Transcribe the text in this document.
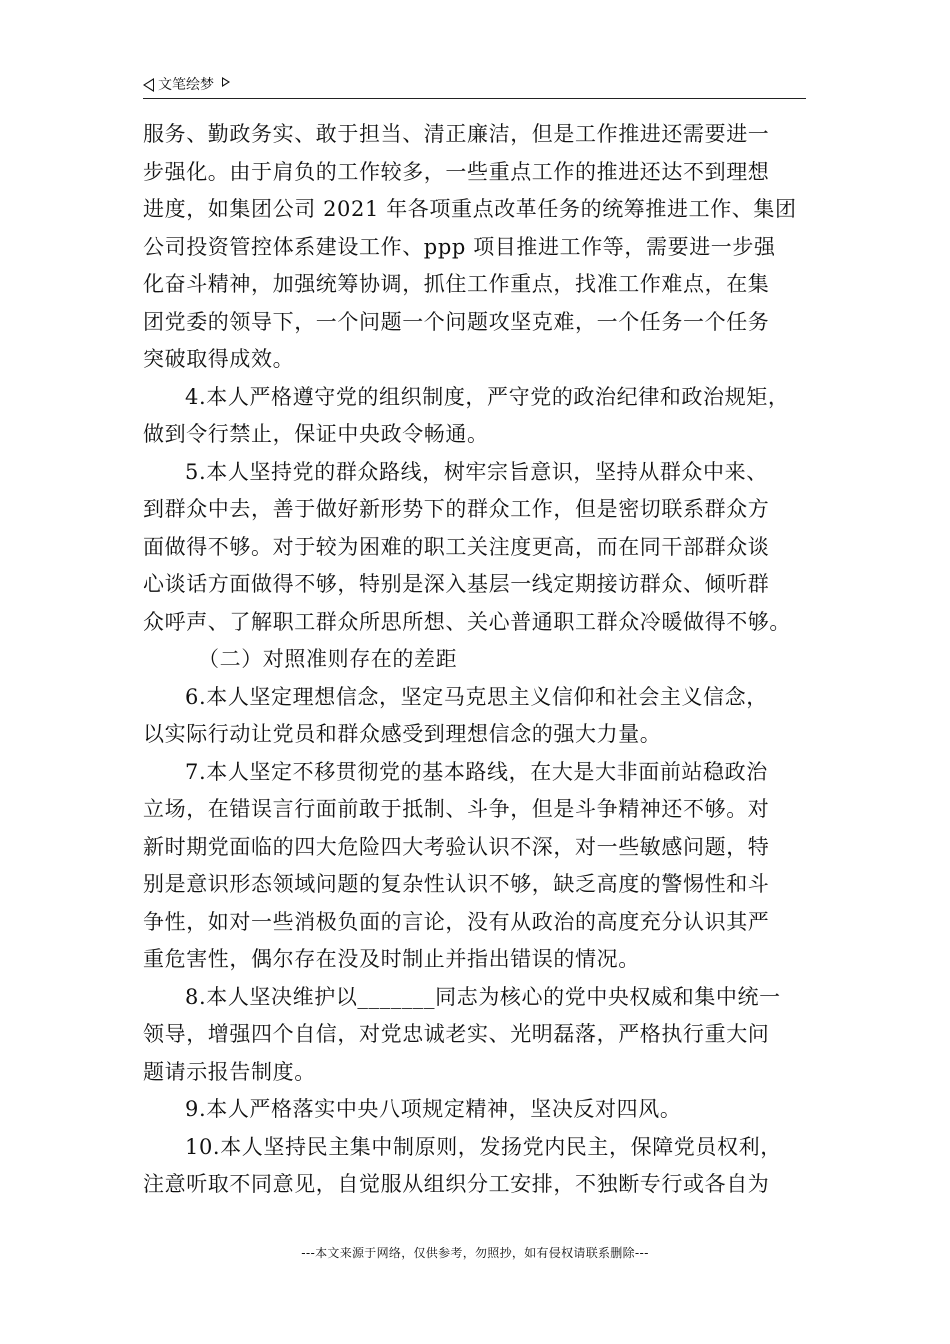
文笔绘梦
服务、勤政务实、敢于担当、清正廉洁，但是工作推进还需要进一
步强化。由于肩负的工作较多，一些重点工作的推进还达不到理想
进度，如集团公司 2021 年各项重点改革任务的统筹推进工作、集团
公司投资管控体系建设工作、ppp 项目推进工作等，需要进一步强
化奋斗精神，加强统筹协调，抓住工作重点，找准工作难点，在集
团党委的领导下，一个问题一个问题攻坚克难，一个任务一个任务
突破取得成效。
4.本人严格遵守党的组织制度，严守党的政治纪律和政治规矩，
做到令行禁止，保证中央政令畅通。
5.本人坚持党的群众路线，树牢宗旨意识，坚持从群众中来、
到群众中去，善于做好新形势下的群众工作，但是密切联系群众方
面做得不够。对于较为困难的职工关注度更高，而在同干部群众谈
心谈话方面做得不够，特别是深入基层一线定期接访群众、倾听群
众呼声、了解职工群众所思所想、关心普通职工群众冷暖做得不够。
（二）对照准则存在的差距
6.本人坚定理想信念，坚定马克思主义信仰和社会主义信念，
以实际行动让党员和群众感受到理想信念的强大力量。
7.本人坚定不移贯彻党的基本路线，在大是大非面前站稳政治
立场，在错误言行面前敢于抵制、斗争，但是斗争精神还不够。对
新时期党面临的四大危险四大考验认识不深，对一些敏感问题，特
别是意识形态领域问题的复杂性认识不够，缺乏高度的警惕性和斗
争性，如对一些消极负面的言论，没有从政治的高度充分认识其严
重危害性，偶尔存在没及时制止并指出错误的情况。
8.本人坚决维护以_______同志为核心的党中央权威和集中统一
领导，增强四个自信，对党忠诚老实、光明磊落，严格执行重大问
题请示报告制度。
9.本人严格落实中央八项规定精神，坚决反对四风。
10.本人坚持民主集中制原则，发扬党内民主，保障党员权利，
注意听取不同意见，自觉服从组织分工安排，不独断专行或各自为
---本文来源于网络，仅供参考，勿照抄，如有侵权请联系删除---
